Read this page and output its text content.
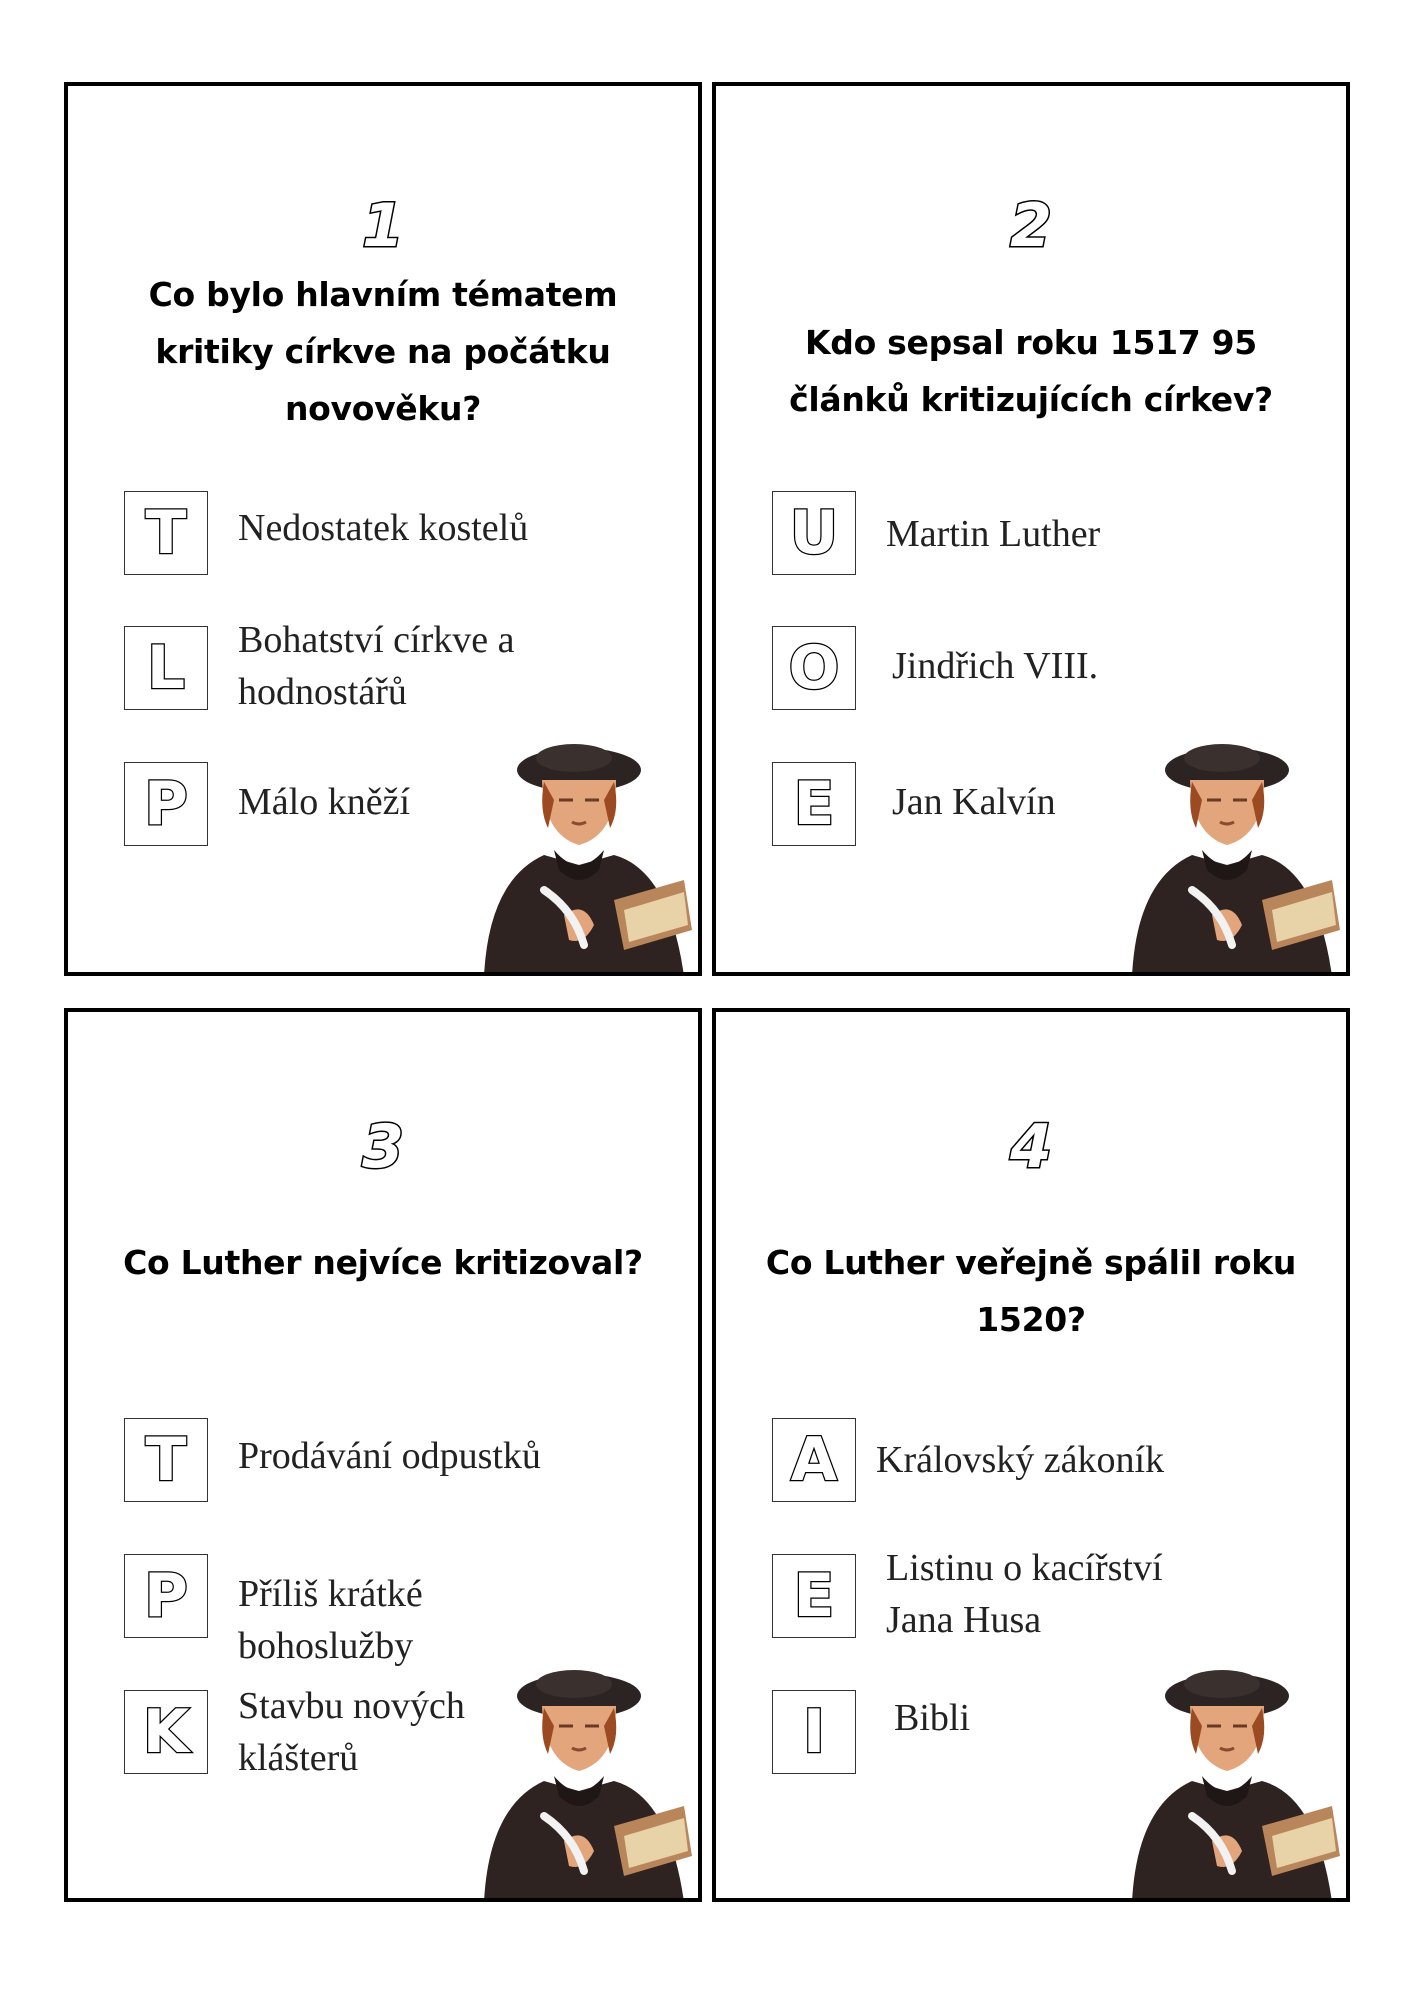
1
Co bylo hlavním tématem kritiky církve na počátku novověku?
T Nedostatek kostelů
L Bohatství církve a hodnostářů
P Málo kněží
2
Kdo sepsal roku 1517 95 článků kritizujících církev?
U Martin Luther
O Jindřich VIII.
E Jan Kalvín
3
Co Luther nejvíce kritizoval?
T Prodávání odpustků
P Příliš krátké bohoslužby
K Stavbu nových klášterů
4
Co Luther veřejně spálil roku 1520?
A Královský zákoník
E Listinu o kacířství Jana Husa
I Bibli
